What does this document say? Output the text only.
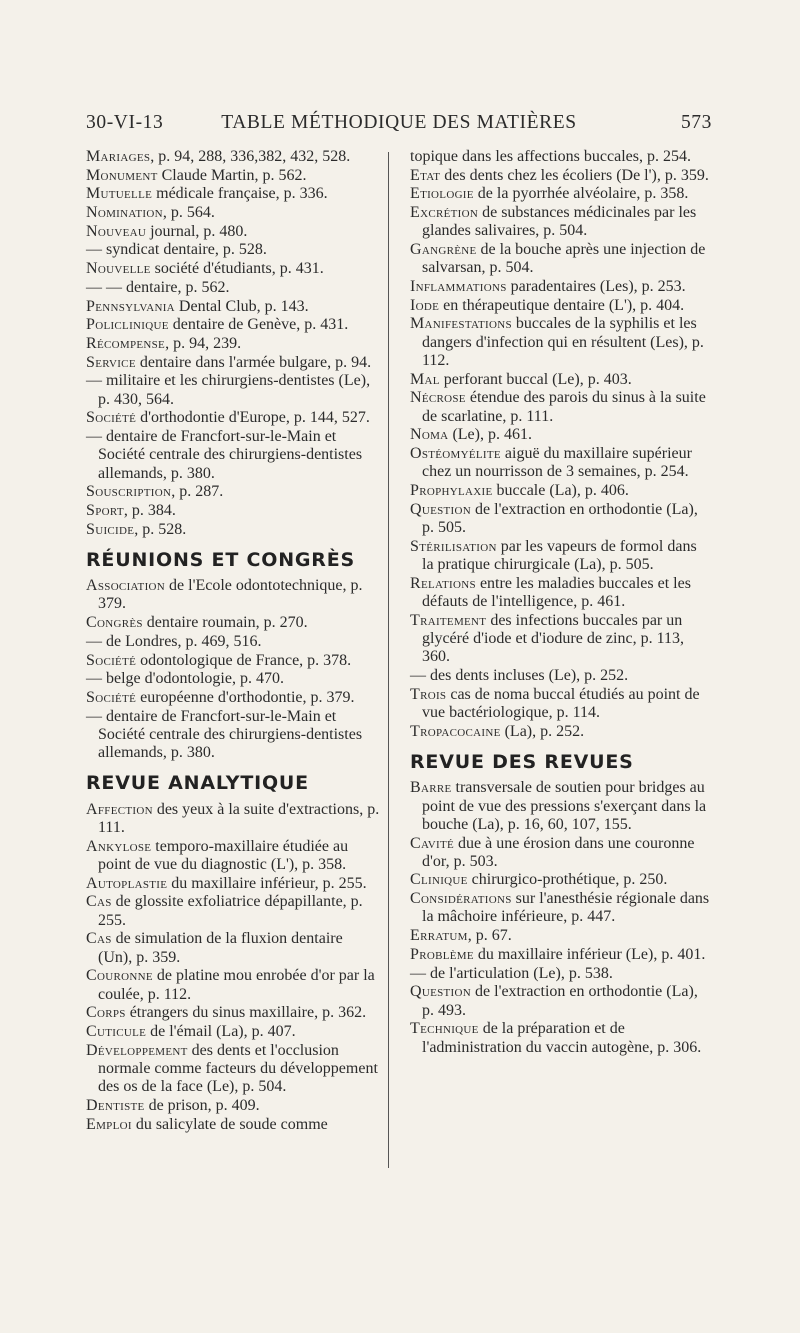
30-VI-13	TABLE MÉTHODIQUE DES MATIÈRES	573
Mariages, p. 94, 288, 336,382, 432, 528.
Monument Claude Martin, p. 562.
Mutuelle médicale française, p. 336.
Nomination, p. 564.
Nouveau journal, p. 480.
— syndicat dentaire, p. 528.
Nouvelle société d'étudiants, p. 431.
— — dentaire, p. 562.
Pennsylvania Dental Club, p. 143.
Policlinique dentaire de Genève, p. 431.
Récompense, p. 94, 239.
Service dentaire dans l'armée bulgare, p. 94.
— militaire et les chirurgiens-dentistes (Le), p. 430, 564.
Société d'orthodontie d'Europe, p. 144, 527.
— dentaire de Francfort-sur-le-Main et Société centrale des chirurgiens-dentistes allemands, p. 380.
Souscription, p. 287.
Sport, p. 384.
Suicide, p. 528.
RÉUNIONS ET CONGRÈS
Association de l'Ecole odontotechnique, p. 379.
Congrès dentaire roumain, p. 270.
— de Londres, p. 469, 516.
Société odontologique de France, p. 378.
— belge d'odontologie, p. 470.
Société européenne d'orthodontie, p. 379.
— dentaire de Francfort-sur-le-Main et Société centrale des chirurgiens-dentistes allemands, p. 380.
REVUE ANALYTIQUE
Affection des yeux à la suite d'extractions, p. 111.
Ankylose temporo-maxillaire étudiée au point de vue du diagnostic (L'), p. 358.
Autoplastie du maxillaire inférieur, p. 255.
Cas de glossite exfoliatrice dépapillante, p. 255.
Cas de simulation de la fluxion dentaire (Un), p. 359.
Couronne de platine mou enrobée d'or par la coulée, p. 112.
Corps étrangers du sinus maxillaire, p. 362.
Cuticule de l'émail (La), p. 407.
Développement des dents et l'occlusion normale comme facteurs du développement des os de la face (Le), p. 504.
Dentiste de prison, p. 409.
Emploi du salicylate de soude comme
topique dans les affections buccales, p. 254.
Etat des dents chez les écoliers (De l'), p. 359.
Etiologie de la pyorrhée alvéolaire, p. 358.
Excrétion de substances médicinales par les glandes salivaires, p. 504.
Gangrène de la bouche après une injection de salvarsan, p. 504.
Inflammations paradentaires (Les), p. 253.
Iode en thérapeutique dentaire (L'), p. 404.
Manifestations buccales de la syphilis et les dangers d'infection qui en résultent (Les), p. 112.
Mal perforant buccal (Le), p. 403.
Nécrose étendue des parois du sinus à la suite de scarlatine, p. 111.
Noma (Le), p. 461.
Ostéomyélite aiguë du maxillaire supérieur chez un nourrisson de 3 semaines, p. 254.
Prophylaxie buccale (La), p. 406.
Question de l'extraction en orthodontie (La), p. 505.
Stérilisation par les vapeurs de formol dans la pratique chirurgicale (La), p. 505.
Relations entre les maladies buccales et les défauts de l'intelligence, p. 461.
Traitement des infections buccales par un glycéré d'iode et d'iodure de zinc, p. 113, 360.
— des dents incluses (Le), p. 252.
Trois cas de noma buccal étudiés au point de vue bactériologique, p. 114.
Tropacocaine (La), p. 252.
REVUE DES REVUES
Barre transversale de soutien pour bridges au point de vue des pressions s'exerçant dans la bouche (La), p. 16, 60, 107, 155.
Cavité due à une érosion dans une couronne d'or, p. 503.
Clinique chirurgico-prothétique, p. 250.
Considérations sur l'anesthésie régionale dans la mâchoire inférieure, p. 447.
Erratum, p. 67.
Problème du maxillaire inférieur (Le), p. 401.
— de l'articulation (Le), p. 538.
Question de l'extraction en orthodontie (La), p. 493.
Technique de la préparation et de l'administration du vaccin autogène, p. 306.
